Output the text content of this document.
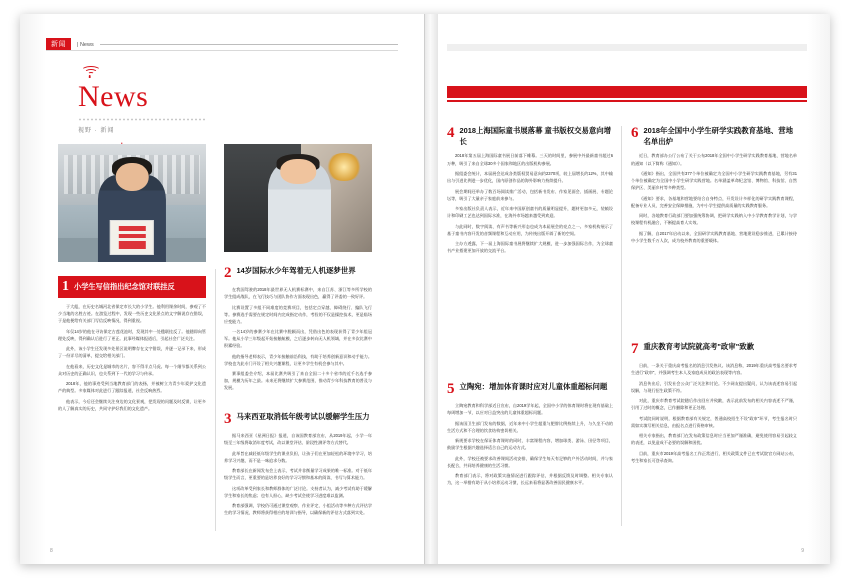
新闻	| News
News
视野 · 新闻
1 小学生写信指出纪念馆对联挂反

于大彪，在历史名城河北省保定市长大的小学生。他利用课余时间，参观了不少当地的名胜古迹。在游览过程中，发现一些历史文化景点的文字解说存在错误，于是他便给有关部门写信反映情况，得到重视。

年仅14岁的他在寻访保定古莲花池时，发现其中一处楹联挂反了。他随即向管理处反映，得到确认后进行了更正。此事经媒体报道后，引起社会广泛关注。

此外，该小学生还发现多处景区说明牌存在文字错误，并逐一记录下来，形成了一份详尽的清单，提交给相关部门。

在他看来，历史文化是城市的名片，容不得半点马虎。每一个细节都关系到公众对历史的正确认识，也关系到下一代的学习与传承。

2018年，他的事迹受到当地教育部门的表扬，并被树立为青少年爱护文化遗产的典型。多家媒体对此进行了跟踪报道，社会反响热烈。

他表示，今后还会继续关注身边的文化景观，把发现的问题及时反馈，让更多的人了解真实的历史，共同守护好我们的文化遗产。

2 14岁国际水少年驾着无人机逐梦世界

在我国驾驶的2018年最世界无人机赛标赛中，来自江苏、浙江等多所学校的学生组成战队，在飞行技巧与团队协作方面表现出色，赢得了评委的一致好评。

比赛设置了多组不同难度的竞赛项目，包括定点穿越、障碍绕行、编队飞行等。参赛选手需要在规定时间内完成指定动作，考验的不仅是操控技术，更是临场应变能力。

一名14岁的参赛少年在比赛中脱颖而出，凭借出色的表现获得了青少年组冠军。他从小学三年级起开始接触航模，之后逐步转向无人机领域，并在多次比赛中积累经验。

他的指导老师表示，青少年接触前沿科技，有助于培养创新意识和动手能力。学校也为此专门开设了相关兴趣课程，让更多学生有机会参与其中。

赛事组委会介绍，本届比赛共吸引了来自全国二十多个省市的近千名选手参加，规模为历年之最。未来还将继续扩大参赛范围，推动青少年科技教育的普及与发展。

3 马来西亚取消低年级考试以缓解学生压力

据马来西亚《星洲日报》报道，自该国教育部宣布，从2019年起，小学一年级至三年级将取消年度考试，改以课堂评估、阶段性测评等方式替代。

此举旨在减轻低年级学生的课业负担，让孩子们在更加轻松的环境中学习，培养学习兴趣，而不是一味追求分数。

教育部长在新闻发布会上表示，考试并非衡量学习成果的唯一标准。对于低年级学生而言，更重要的是培养良好的学习习惯和基本的阅读、书写与算术能力。

这项改革受到家长和教师群体的广泛讨论。支持者认为，减少考试有助于缓解学生和家长的焦虑；也有人担心，缺少考试会使学习进度难以监测。

教育部强调，学校仍可通过课堂观察、作业评定、小组活动等多种方式评估学生的学习情况，教师将获得相应的培训与指导，以确保新的评估方式落到实处。

8
4 2018上海国际童书展落幕 童书版权交易意向增长

2018年第五届上海国际童书展日前落下帷幕。三天的时间里，参展中外最新童书超过6万种，吸引了来自全球30多个国家和地区的出版机构参展。

据组委会统计，本届展会达成各类版权贸易意向约2370项，较上届增长约12%，其中输出与引进比例进一步优化，国内原创作品的海外影响力持续提升。

展会期间还举办了数百场阅读推广活动，包括新书发布、作家见面会、插画展、专题论坛等，吸引了大量亲子家庭前来参与。

多家出版社负责人表示，近年来中国原创童书的质量明显提升，题材更加多元，装帧设计和印刷工艺也达到国际水准，在海外市场越来越受到欢迎。

与此同时，数字阅读、有声书等新兴形态也成为本届展会的亮点之一。多家机构展示了基于童书内容开发的音频课程和互动应用，为传统出版开辟了新的空间。

主办方透露，下一届上海国际童书展将继续扩大规模，进一步加强国际合作，为全球童书产业搭建更加开放的交流平台。

5 立陶宛：增加体育课时应对儿童体重超标问题

立陶宛教育和科学部近日宣布，自2019学年起，全国中小学的体育课时将在现有基础上每周增加一节，以应对日益突出的儿童体重超标问题。

据该国卫生部门发布的数据，近年来中小学生超重与肥胖比例持续上升，与久坐不动的生活方式和不合理的饮食结构密切相关。

新规要求学校在保证体育课时的同时，丰富课程内容，增加球类、游泳、田径等项目，鼓励学生根据兴趣选择适合自己的运动方式。

此外，学校还被要求改善课间活动安排，确保学生每天有足够的户外活动时间，并与家长配合，共同培养健康的生活习惯。

教育部门表示，将对政策实施情况进行跟踪评估，并根据反馈及时调整。相关专家认为，这一举措有助于从小培养运动习惯，长远来看将显著改善国民健康水平。

6 2018年全国中小学生研学实践教育基地、营地名单出炉

近日，教育部办公厅公布了关于公布2018年全国中小学生研学实践教育基地、营地名单的通知（以下简称《通知》）。

《通知》指出，全国共有377个单位被确定为全国中小学生研学实践教育基地，另有31个单位被确定为全国中小学生研学实践营地。名单涵盖革命纪念馆、博物馆、科技馆、自然保护区、美丽乡村等多种类型。

《通知》要求，各基地和营地要结合自身特点，开发设计多样化的研学实践教育课程，配备专业人员，完善安全保障措施，为中小学生提供高质量的实践教育服务。

同时，各地教育行政部门要加强统筹协调，把研学实践纳入中小学教育教学计划，与学校课程有机融合，不断提高育人实效。

据了解，自2017年启动以来，全国研学实践教育基地、营地建设稳步推进，已累计接待中小学生数千万人次，成为校外教育的重要载体。

7 重庆教育考试院就高考"政审"致歉

日前，一条关于重庆高考报名的消息引发热议。该消息称，2019年重庆高考报名要求考生进行"政审"，并强调考生本人及家庭成员的政治表现等内容。

消息传出后，引发社会公众广泛关注和讨论。不少网友提出疑问，认为该表述容易引起误解，与现行招生政策不符。

对此，重庆市教育考试院随后作出回应并致歉，表示此前发布的相关内容表述不严谨，引用了过时的概念，已作删除和更正处理。

考试院同时说明，根据教育部有关规定，普通高校招生不设"政审"环节，考生报名时只需如实填写相关信息，由报名点进行资格审核。

相关专家指出，教育部门在发布政策信息时应当更加严谨准确，避免使用容易引起歧义的表述，以免造成不必要的误解和困扰。

目前，重庆市2019年高考报名工作正常进行，相关政策文件已在考试院官方网站公布，考生和家长可登录查询。

9
